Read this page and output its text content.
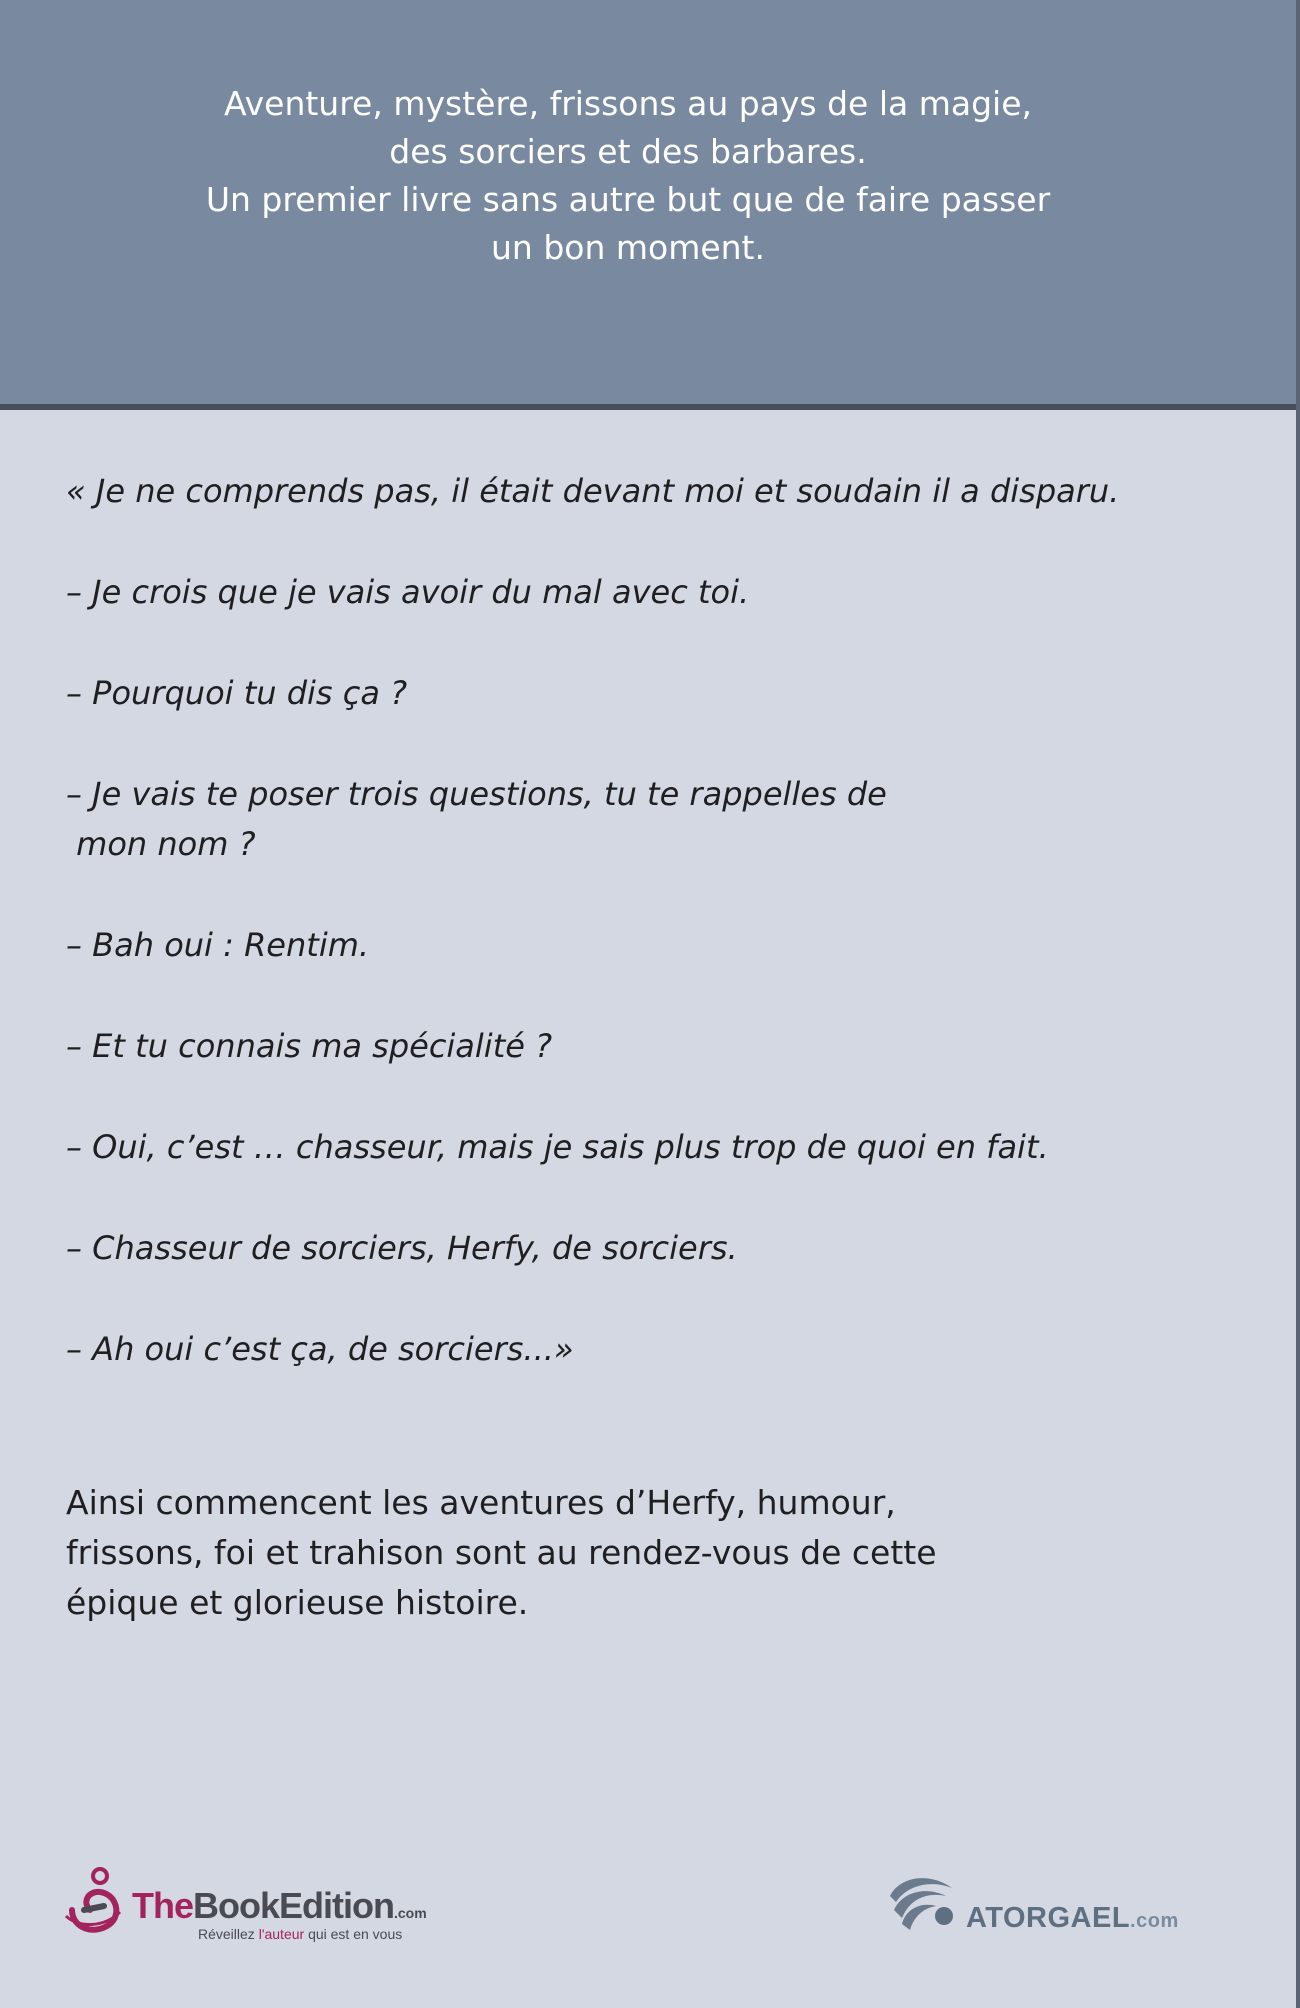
Aventure, mystère, frissons au pays de la magie,
des sorciers et des barbares.
Un premier livre sans autre but que de faire passer
un bon moment.

« Je ne comprends pas, il était devant moi et soudain il a disparu.

– Je crois que je vais avoir du mal avec toi.

– Pourquoi tu dis ça ?

– Je vais te poser trois questions, tu te rappelles de
mon nom ?

– Bah oui : Rentim.

– Et tu connais ma spécialité ?

– Oui, c’est … chasseur, mais je sais plus trop de quoi en fait.

– Chasseur de sorciers, Herfy, de sorciers.

– Ah oui c’est ça, de sorciers...»

Ainsi commencent les aventures d’Herfy, humour,
frissons, foi et trahison sont au rendez-vous de cette
épique et glorieuse histoire.
TheBookEdition.com
Réveillez l'auteur qui est en vous	ATORGAEL.com
